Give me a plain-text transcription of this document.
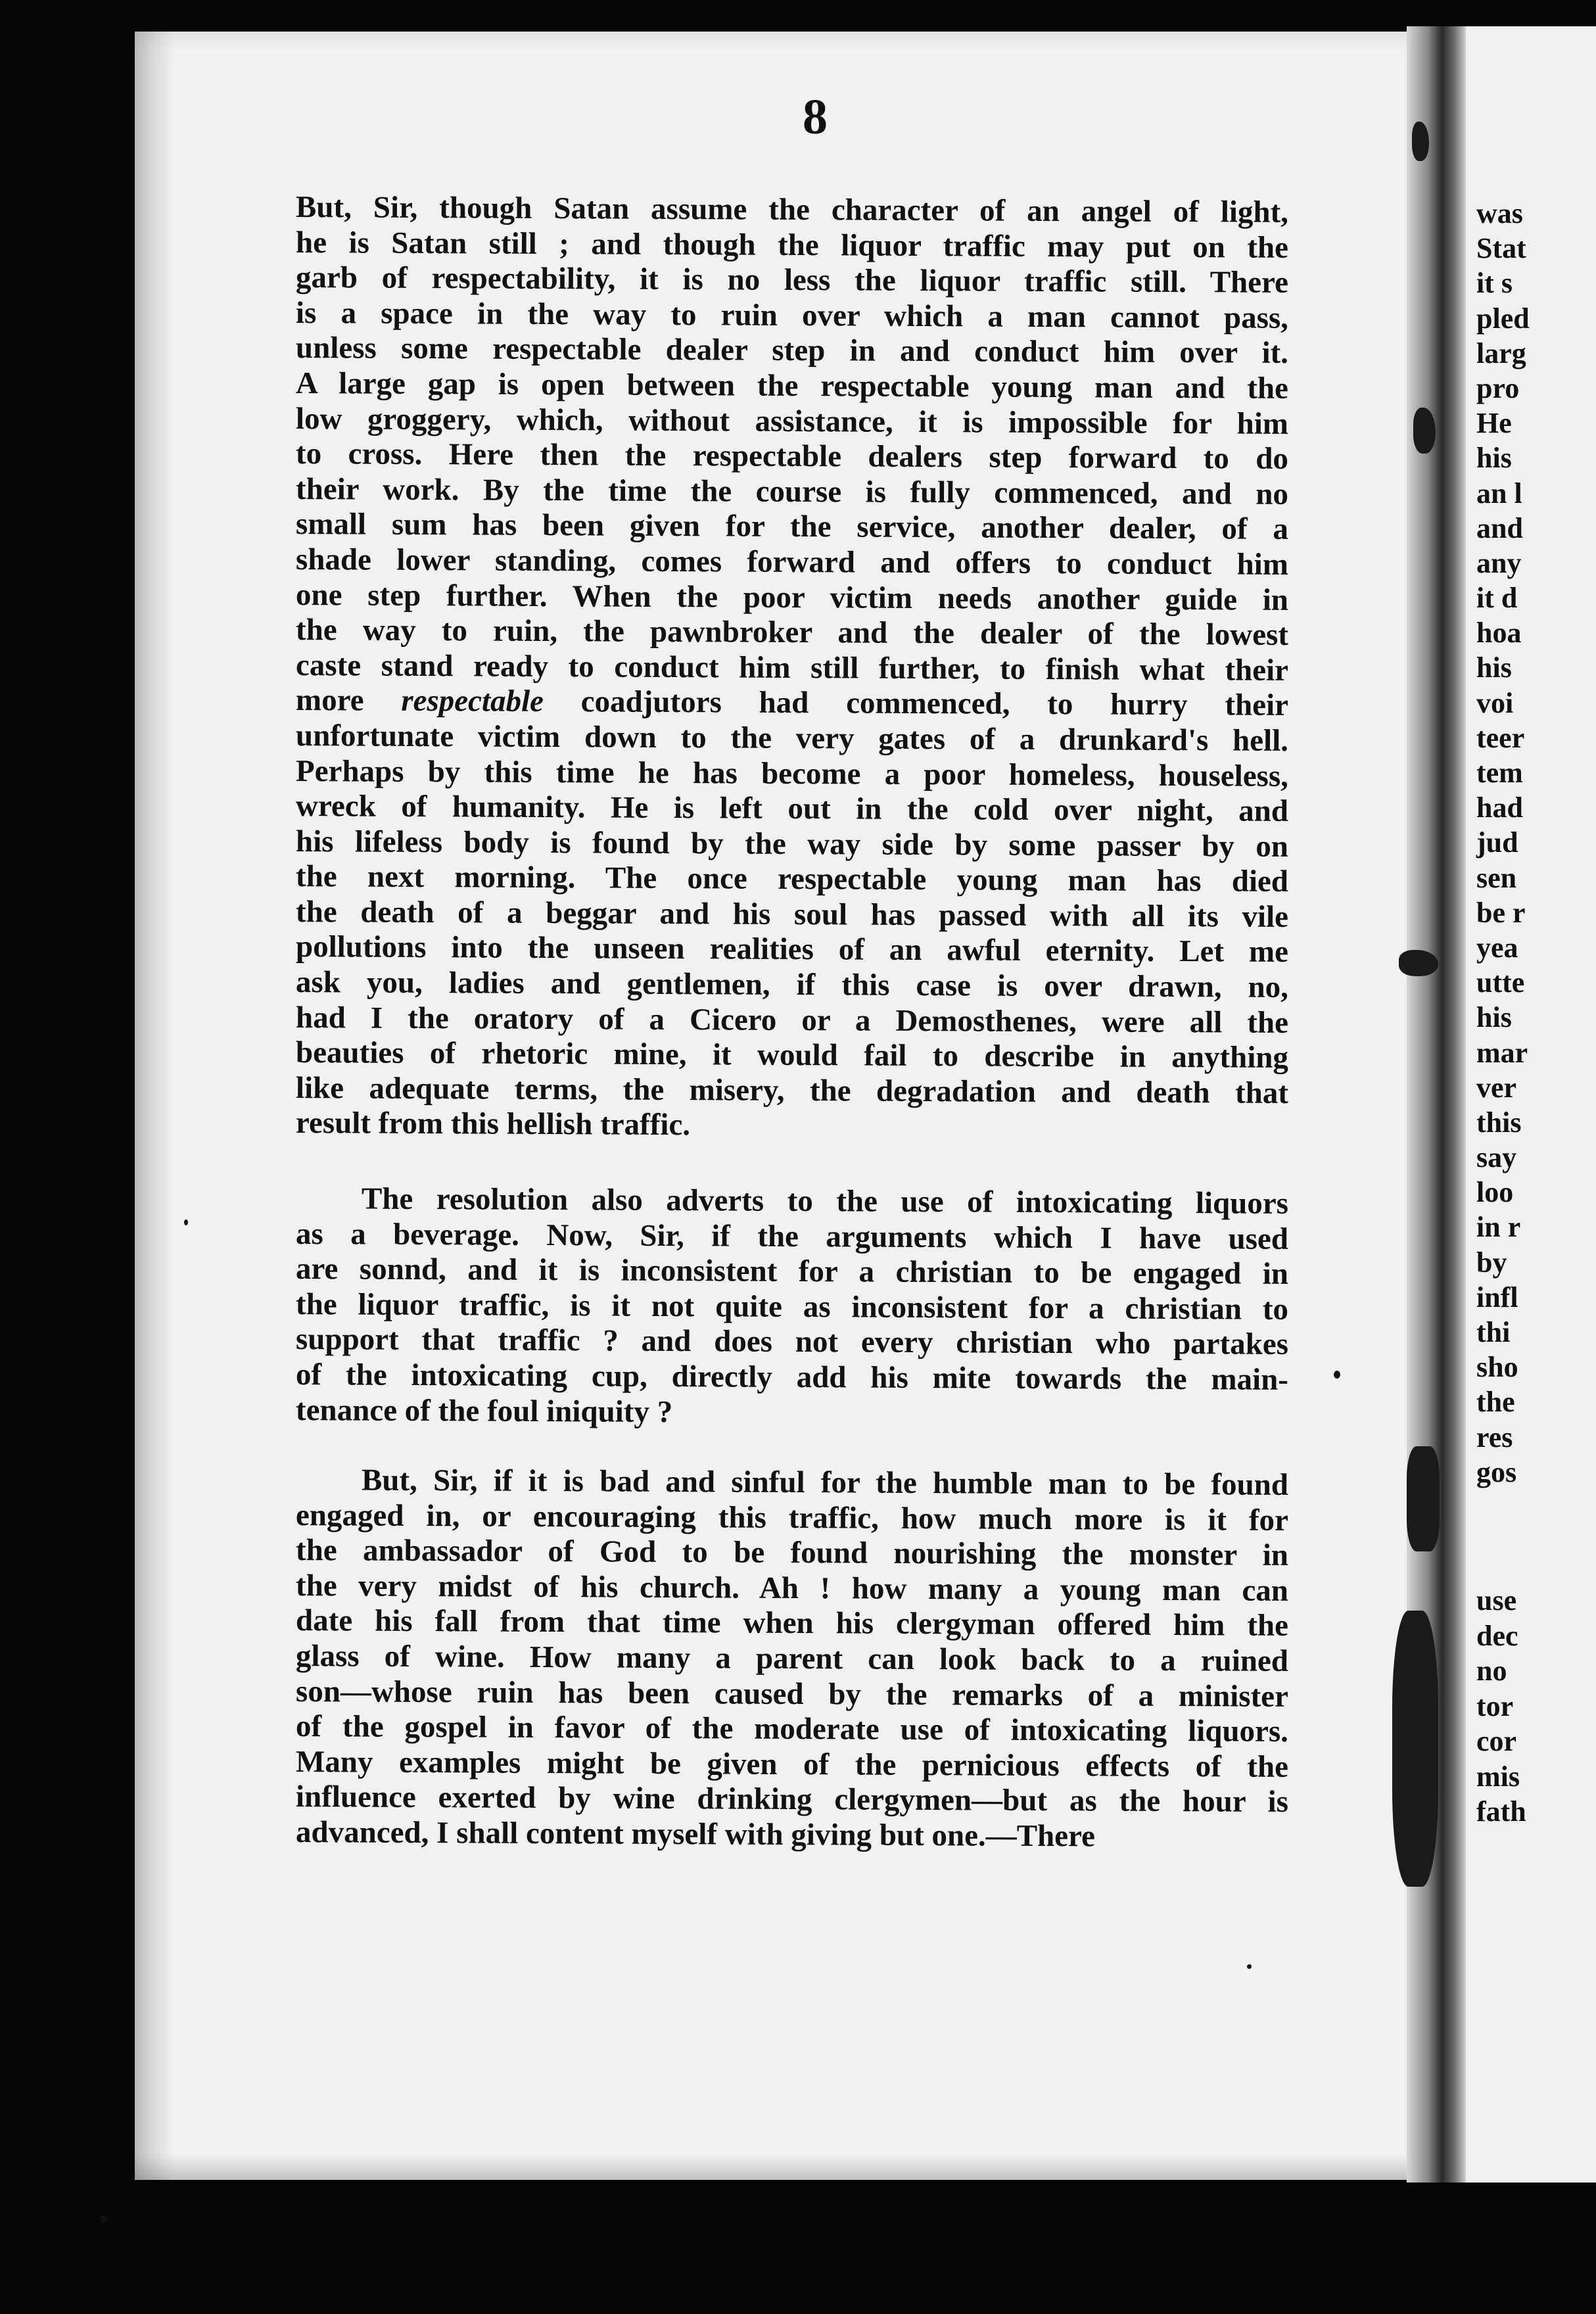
was
Stat
it s
pled
larg
pro
He
his
an l
and
any
it d
hoa
his
voi
teer
tem
had
jud
sen
be r
yea
utte
his
mar
ver
this
say
loo
in r
by
infl
thi
sho
the
res
gos
use
dec
no
tor
cor
mis
fath
8
But, Sir, though Satan assume the character of an angel of light,
he is Satan still ; and though the liquor traffic may put on the
garb of respectability, it is no less the liquor traffic still. There
is a space in the way to ruin over which a man cannot pass,
unless some respectable dealer step in and conduct him over it.
A large gap is open between the respectable young man and the
low groggery, which, without assistance, it is impossible for him
to cross. Here then the respectable dealers step forward to do
their work. By the time the course is fully commenced, and no
small sum has been given for the service, another dealer, of a
shade lower standing, comes forward and offers to conduct him
one step further. When the poor victim needs another guide in
the way to ruin, the pawnbroker and the dealer of the lowest
caste stand ready to conduct him still further, to finish what their
more respectable coadjutors had commenced, to hurry their
unfortunate victim down to the very gates of a drunkard's hell.
Perhaps by this time he has become a poor homeless, houseless,
wreck of humanity. He is left out in the cold over night, and
his lifeless body is found by the way side by some passer by on
the next morning. The once respectable young man has died
the death of a beggar and his soul has passed with all its vile
pollutions into the unseen realities of an awful eternity. Let me
ask you, ladies and gentlemen, if this case is over drawn, no,
had I the oratory of a Cicero or a Demosthenes, were all the
beauties of rhetoric mine, it would fail to describe in anything
like adequate terms, the misery, the degradation and death that
result from this hellish traffic.
The resolution also adverts to the use of intoxicating liquors
as a beverage. Now, Sir, if the arguments which I have used
are sonnd, and it is inconsistent for a christian to be engaged in
the liquor traffic, is it not quite as inconsistent for a christian to
support that traffic ? and does not every christian who partakes
of the intoxicating cup, directly add his mite towards the main-
tenance of the foul iniquity ?
But, Sir, if it is bad and sinful for the humble man to be found
engaged in, or encouraging this traffic, how much more is it for
the ambassador of God to be found nourishing the monster in
the very midst of his church. Ah ! how many a young man can
date his fall from that time when his clergyman offered him the
glass of wine. How many a parent can look back to a ruined
son—whose ruin has been caused by the remarks of a minister
of the gospel in favor of the moderate use of intoxicating liquors.
Many examples might be given of the pernicious effects of the
influence exerted by wine drinking clergymen—but as the hour is
advanced, I shall content myself with giving but one.—There
